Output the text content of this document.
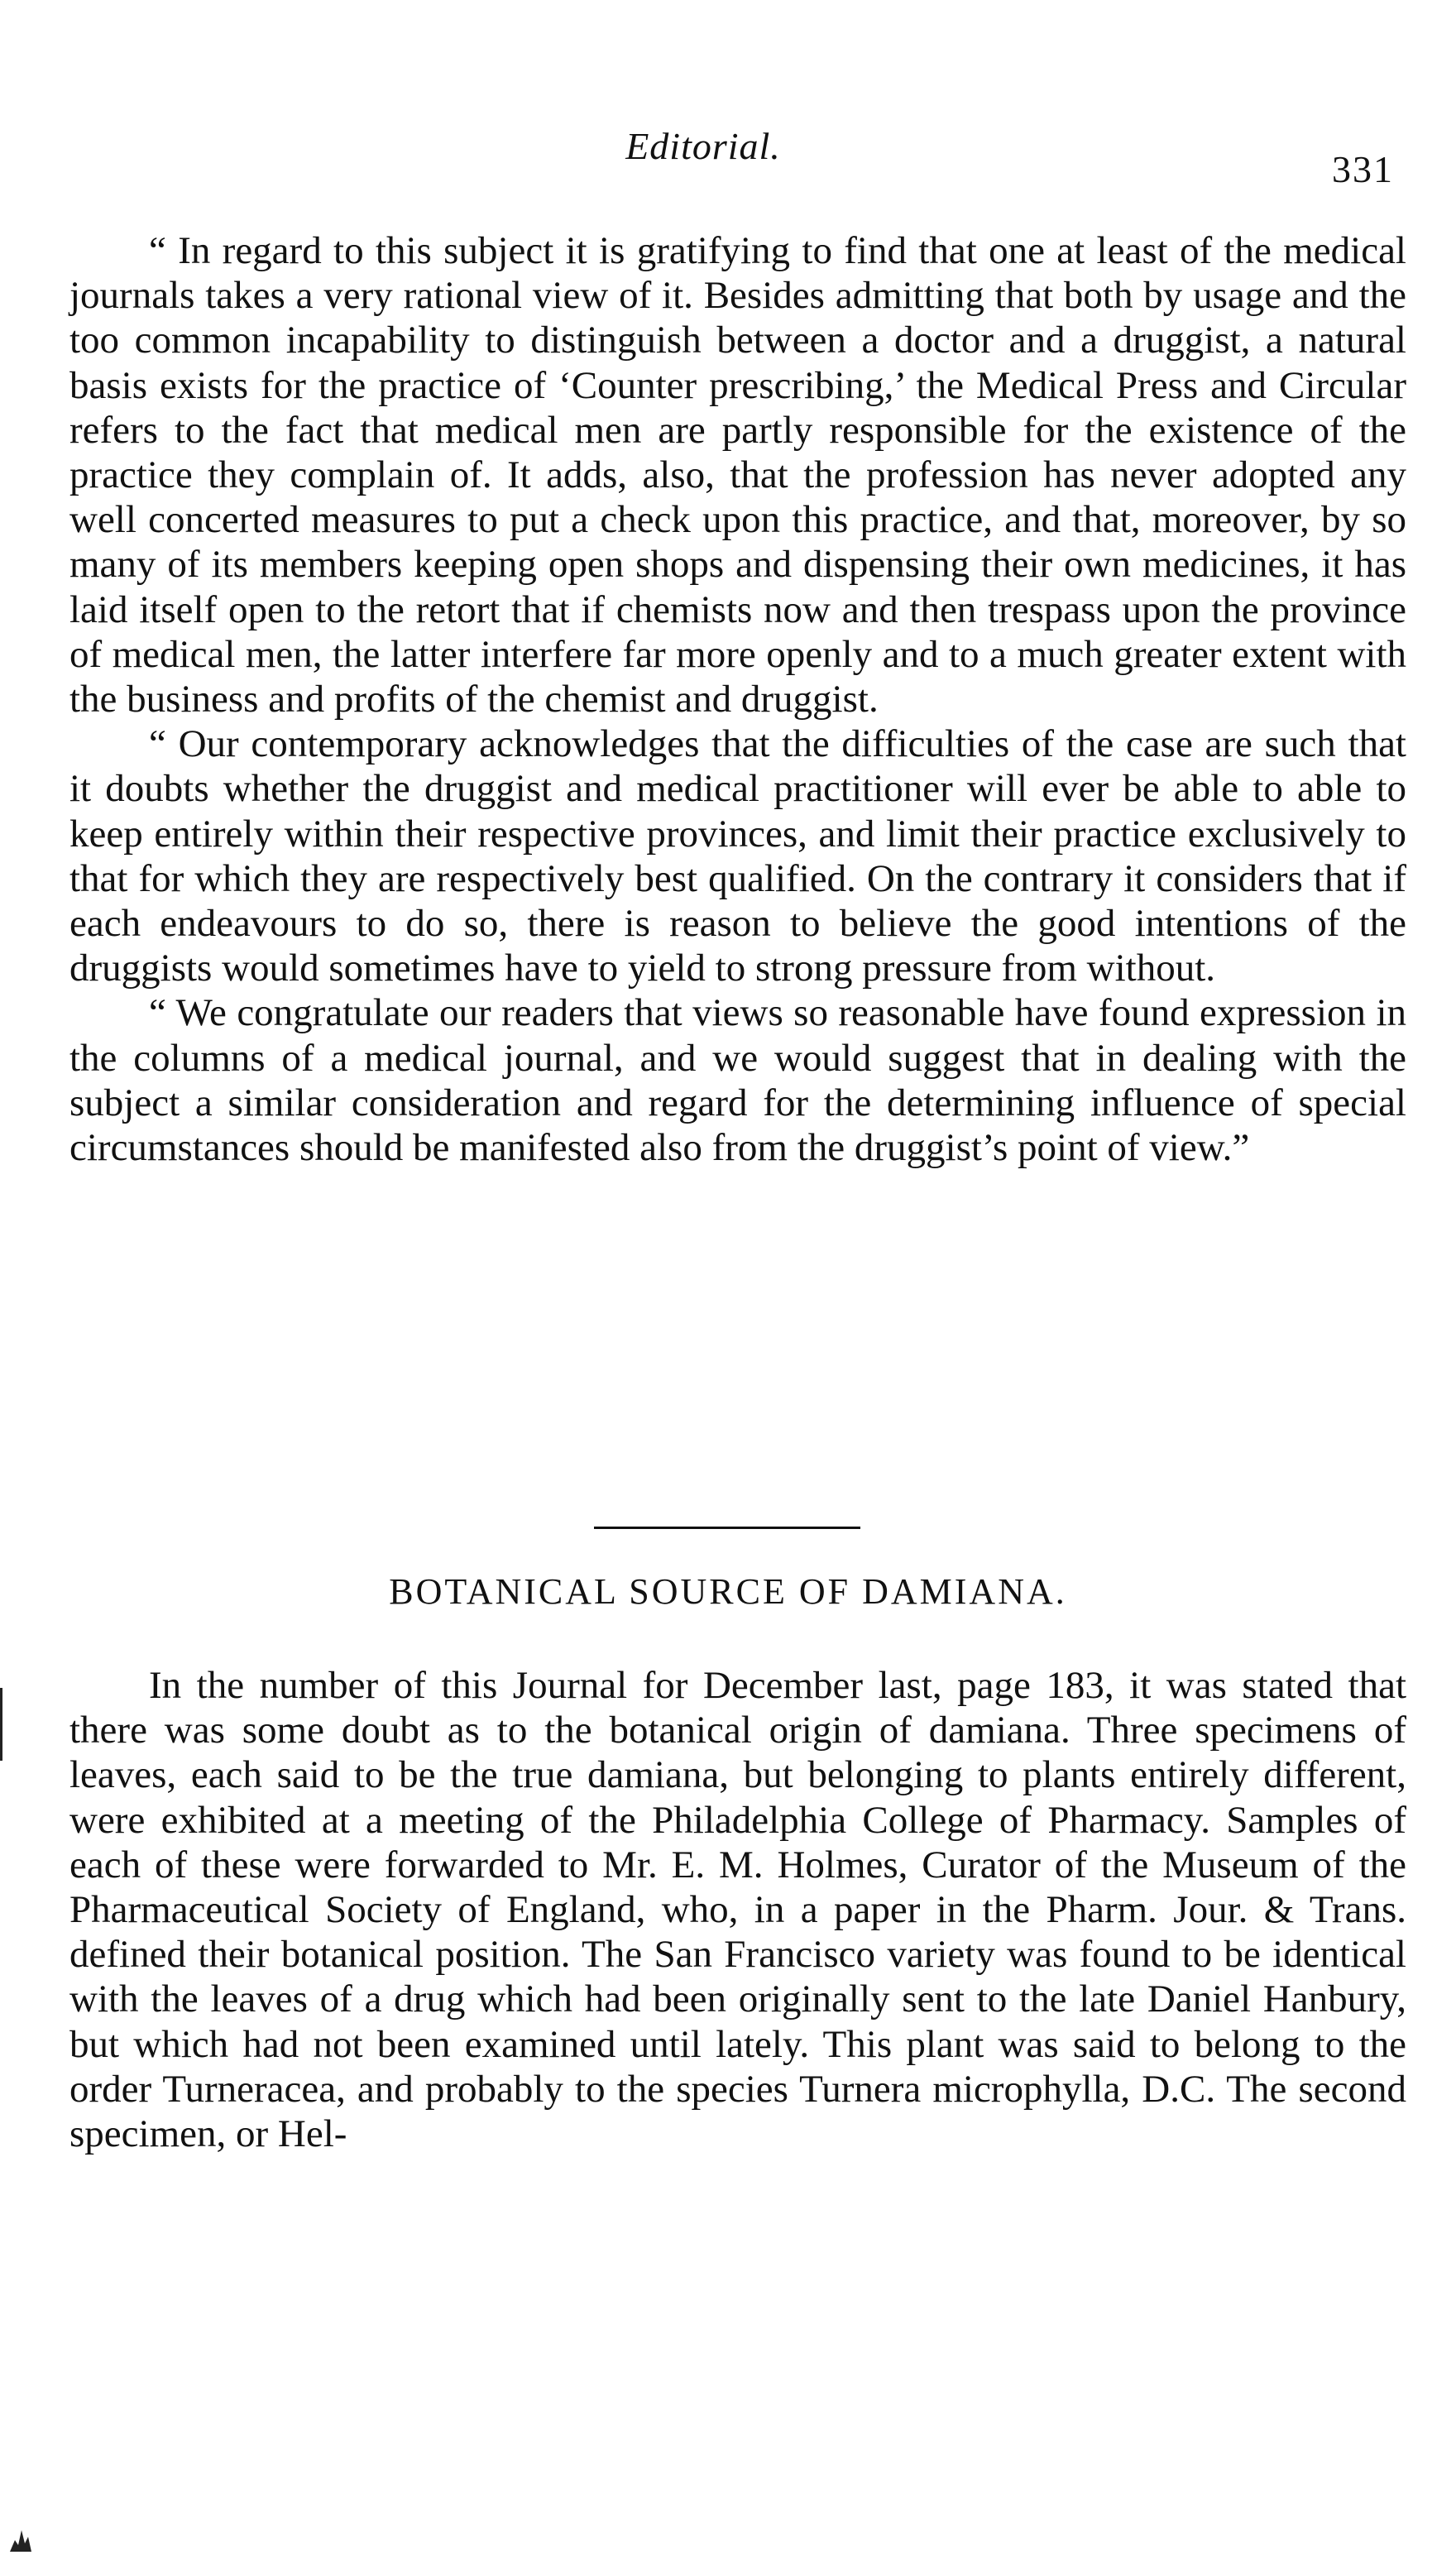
Editorial.
331

“ In regard to this subject it is gratifying to find that one at least of the medical journals takes a very rational view of it. Besides admitting that both by usage and the too common incapability to distinguish between a doctor and a druggist, a natural basis exists for the practice of ‘Counter prescribing,’ the Medical Press and Circular refers to the fact that medical men are partly responsible for the existence of the practice they complain of. It adds, also, that the profession has never adopted any well concerted measures to put a check upon this practice, and that, moreover, by so many of its members keeping open shops and dispensing their own medicines, it has laid itself open to the retort that if chemists now and then trespass upon the province of medical men, the latter interfere far more openly and to a much greater extent with the business and profits of the chemist and druggist.

“ Our contemporary acknowledges that the difficulties of the case are such that it doubts whether the druggist and medical practitioner will ever be able to able to keep entirely within their respective provinces, and limit their practice exclusively to that for which they are respectively best qualified. On the contrary it considers that if each endeavours to do so, there is reason to believe the good intentions of the druggists would sometimes have to yield to strong pressure from without.

“ We congratulate our readers that views so reasonable have found expression in the columns of a medical journal, and we would suggest that in dealing with the subject a similar consideration and regard for the determining influence of special circumstances should be manifested also from the druggist’s point of view.”

BOTANICAL SOURCE OF DAMIANA.

In the number of this Journal for December last, page 183, it was stated that there was some doubt as to the botanical origin of damiana. Three specimens of leaves, each said to be the true damiana, but belonging to plants entirely different, were exhibited at a meeting of the Philadelphia College of Pharmacy. Samples of each of these were forwarded to Mr. E. M. Holmes, Curator of the Museum of the Pharmaceutical Society of England, who, in a paper in the Pharm. Jour. & Trans. defined their botanical position. The San Francisco variety was found to be identical with the leaves of a drug which had been originally sent to the late Daniel Hanbury, but which had not been examined until lately. This plant was said to belong to the order Turneracea, and probably to the species Turnera microphylla, D.C. The second specimen, or Hel-
